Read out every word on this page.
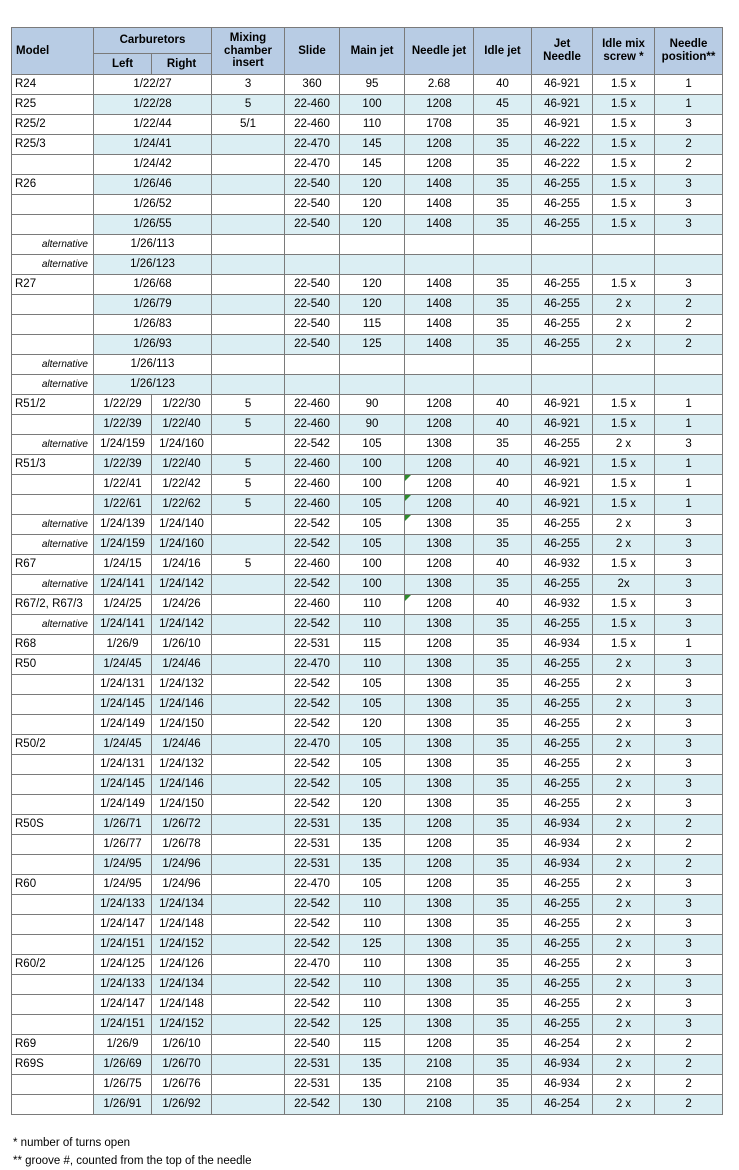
Model	Carburetors		Mixing chamber insert	Slide	Main jet	Needle jet	Idle jet	Jet Needle	Idle mix screw *	Needle position**
	Left	Right								
R24	1/22/27		3	360	95	2.68	40	46-921	1.5 x	1
R25	1/22/28		5	22-460	100	1208	45	46-921	1.5 x	1
R25/2	1/22/44		5/1	22-460	110	1708	35	46-921	1.5 x	3
R25/3	1/24/41			22-470	145	1208	35	46-222	1.5 x	2
	1/24/42			22-470	145	1208	35	46-222	1.5 x	2
R26	1/26/46			22-540	120	1408	35	46-255	1.5 x	3
	1/26/52			22-540	120	1408	35	46-255	1.5 x	3
	1/26/55			22-540	120	1408	35	46-255	1.5 x	3
alternative	1/26/113									
alternative	1/26/123									
R27	1/26/68			22-540	120	1408	35	46-255	1.5 x	3
	1/26/79			22-540	120	1408	35	46-255	2 x	2
	1/26/83			22-540	115	1408	35	46-255	2 x	2
	1/26/93			22-540	125	1408	35	46-255	2 x	2
alternative	1/26/113									
alternative	1/26/123									
R51/2	1/22/29	1/22/30	5	22-460	90	1208	40	46-921	1.5 x	1
	1/22/39	1/22/40	5	22-460	90	1208	40	46-921	1.5 x	1
alternative	1/24/159	1/24/160		22-542	105	1308	35	46-255	2 x	3
R51/3	1/22/39	1/22/40	5	22-460	100	1208	40	46-921	1.5 x	1
	1/22/41	1/22/42	5	22-460	100	1208	40	46-921	1.5 x	1
	1/22/61	1/22/62	5	22-460	105	1208	40	46-921	1.5 x	1
alternative	1/24/139	1/24/140		22-542	105	1308	35	46-255	2 x	3
alternative	1/24/159	1/24/160		22-542	105	1308	35	46-255	2 x	3
R67	1/24/15	1/24/16	5	22-460	100	1208	40	46-932	1.5 x	3
alternative	1/24/141	1/24/142		22-542	100	1308	35	46-255	2x	3
R67/2, R67/3	1/24/25	1/24/26		22-460	110	1208	40	46-932	1.5 x	3
alternative	1/24/141	1/24/142		22-542	110	1308	35	46-255	1.5 x	3
R68	1/26/9	1/26/10		22-531	115	1208	35	46-934	1.5 x	1
R50	1/24/45	1/24/46		22-470	110	1308	35	46-255	2 x	3
	1/24/131	1/24/132		22-542	105	1308	35	46-255	2 x	3
	1/24/145	1/24/146		22-542	105	1308	35	46-255	2 x	3
	1/24/149	1/24/150		22-542	120	1308	35	46-255	2 x	3
R50/2	1/24/45	1/24/46		22-470	105	1308	35	46-255	2 x	3
	1/24/131	1/24/132		22-542	105	1308	35	46-255	2 x	3
	1/24/145	1/24/146		22-542	105	1308	35	46-255	2 x	3
	1/24/149	1/24/150		22-542	120	1308	35	46-255	2 x	3
R50S	1/26/71	1/26/72		22-531	135	1208	35	46-934	2 x	2
	1/26/77	1/26/78		22-531	135	1208	35	46-934	2 x	2
	1/24/95	1/24/96		22-531	135	1208	35	46-934	2 x	2
R60	1/24/95	1/24/96		22-470	105	1208	35	46-255	2 x	3
	1/24/133	1/24/134		22-542	110	1308	35	46-255	2 x	3
	1/24/147	1/24/148		22-542	110	1308	35	46-255	2 x	3
	1/24/151	1/24/152		22-542	125	1308	35	46-255	2 x	3
R60/2	1/24/125	1/24/126		22-470	110	1308	35	46-255	2 x	3
	1/24/133	1/24/134		22-542	110	1308	35	46-255	2 x	3
	1/24/147	1/24/148		22-542	110	1308	35	46-255	2 x	3
	1/24/151	1/24/152		22-542	125	1308	35	46-255	2 x	3
R69	1/26/9	1/26/10		22-540	115	1208	35	46-254	2 x	2
R69S	1/26/69	1/26/70		22-531	135	2108	35	46-934	2 x	2
	1/26/75	1/26/76		22-531	135	2108	35	46-934	2 x	2
	1/26/91	1/26/92		22-542	130	2108	35	46-254	2 x	2
* number of turns open
** groove #, counted from the top of the needle
